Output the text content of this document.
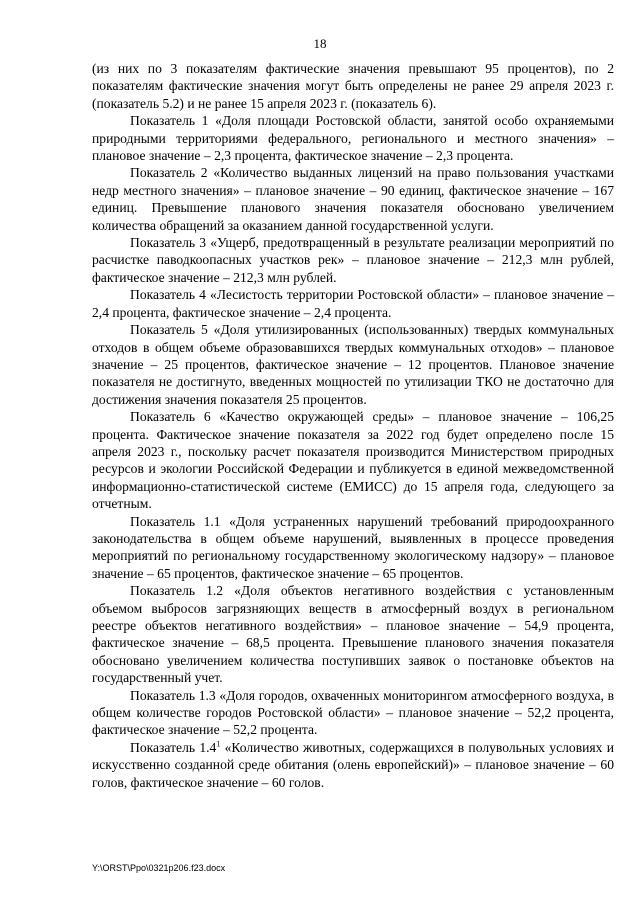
18

(из них по 3 показателям фактические значения превышают 95 процентов), по 2 показателям фактические значения могут быть определены не ранее 29 апреля 2023 г. (показатель 5.2) и не ранее 15 апреля 2023 г. (показатель 6).

Показатель 1 «Доля площади Ростовской области, занятой особо охраняемыми природными территориями федерального, регионального и местного значения» – плановое значение – 2,3 процента, фактическое значение – 2,3 процента.

Показатель 2 «Количество выданных лицензий на право пользования участками недр местного значения» – плановое значение – 90 единиц, фактическое значение – 167 единиц. Превышение планового значения показателя обосновано увеличением количества обращений за оказанием данной государственной услуги.

Показатель 3 «Ущерб, предотвращенный в результате реализации мероприятий по расчистке паводкоопасных участков рек» – плановое значение – 212,3 млн рублей, фактическое значение – 212,3 млн рублей.

Показатель 4 «Лесистость территории Ростовской области» – плановое значение – 2,4 процента, фактическое значение – 2,4 процента.

Показатель 5 «Доля утилизированных (использованных) твердых коммунальных отходов в общем объеме образовавшихся твердых коммунальных отходов» – плановое значение – 25 процентов, фактическое значение – 12 процентов. Плановое значение показателя не достигнуто, введенных мощностей по утилизации ТКО не достаточно для достижения значения показателя 25 процентов.

Показатель 6 «Качество окружающей среды» – плановое значение – 106,25 процента. Фактическое значение показателя за 2022 год будет определено после 15 апреля 2023 г., поскольку расчет показателя производится Министерством природных ресурсов и экологии Российской Федерации и публикуется в единой межведомственной информационно-статистической системе (ЕМИСС) до 15 апреля года, следующего за отчетным.

Показатель 1.1 «Доля устраненных нарушений требований природоохранного законодательства в общем объеме нарушений, выявленных в процессе проведения мероприятий по региональному государственному экологическому надзору» – плановое значение – 65 процентов, фактическое значение – 65 процентов.

Показатель 1.2 «Доля объектов негативного воздействия с установленным объемом выбросов загрязняющих веществ в атмосферный воздух в региональном реестре объектов негативного воздействия» – плановое значение – 54,9 процента, фактическое значение – 68,5 процента. Превышение планового значения показателя обосновано увеличением количества поступивших заявок о постановке объектов на государственный учет.

Показатель 1.3 «Доля городов, охваченных мониторингом атмосферного воздуха, в общем количестве городов Ростовской области» – плановое значение – 52,2 процента, фактическое значение – 52,2 процента.

Показатель $1.4^1$ «Количество животных, содержащихся в полувольных условиях и искусственно созданной среде обитания (олень европейский)» – плановое значение – 60 голов, фактическое значение – 60 голов.

Y:\ORST\Ppo\0321p206.f23.docx
